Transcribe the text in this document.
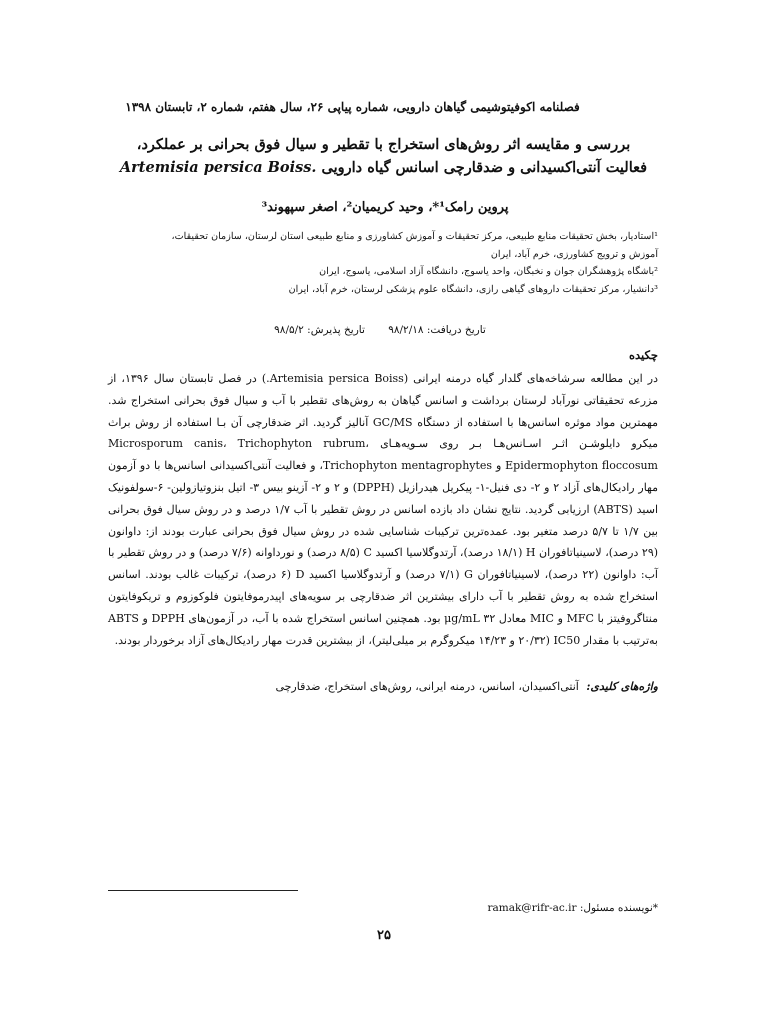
فصلنامه اکوفیتوشیمی گیاهان دارویی، شماره پیاپی ۲۶، سال هفتم، شماره ۲، تابستان ۱۳۹۸
بررسی و مقایسه اثر روش‌های استخراج با تقطیر و سیال فوق بحرانی بر عملکرد،
فعالیت آنتی‌اکسیدانی و ضدقارچی اسانس گیاه دارویی Artemisia persica Boiss.
پروین رامک¹*، وحید کریمیان²، اصغر سپهوند³
¹استادیار، بخش تحقیقات منابع طبیعی، مرکز تحقیقات و آموزش کشاورزی و منابع طبیعی استان لرستان، سازمان تحقیقات،
آموزش و ترویج کشاورزی، خرم آباد، ایران
²باشگاه پژوهشگران جوان و نخبگان، واحد یاسوج، دانشگاه آزاد اسلامی، یاسوج، ایران
³دانشیار، مرکز تحقیقات داروهای گیاهی رازی، دانشگاه علوم پزشکی لرستان، خرم آباد، ایران
تاریخ دریافت: ۹۸/۲/۱۸ تاریخ پذیرش: ۹۸/۵/۲
چکیده
در این مطالعه سرشاخه‌های گلدار گیاه درمنه ایرانی (Artemisia persica Boiss.) در فصل تابستان سال ۱۳۹۶، از مزرعه تحقیقاتی نورآباد لرستان برداشت و اسانس گیاهان به روش‌های تقطیر با آب و سیال فوق بحرانی استخراج شد. مهمترین مواد موثره اسانس‌ها با استفاده از دستگاه GC/MS آنالیز گردید. اثر ضدقارچی آن بـا استفاده از روش براث میکرو دایلوشـن اثـر اسـانس‌هـا بـر روی سـویه‌هـای Microsporum canis، Trichophyton rubrum، Epidermophyton floccosum و Trichophyton mentagrophytes، و فعالیت آنتی‌اکسیدانی اسانس‌ها با دو آزمون مهار رادیکال‌های آزاد ۲ و ۲- دی فنیل-۱- پیکریل هیدرازیل (DPPH) و ۲ و ۲- آزینو بیس ۳- اتیل بنزوتیازولین- ۶-سولفونیک اسید (ABTS) ارزیابی گردید. نتایج نشان داد بازده اسانس در روش تقطیر با آب ۱/۷ درصد و در روش سیال فوق بحرانی بین ۱/۷ تا ۵/۷ درصد متغیر بود. عمده‌ترین ترکیبات شناسایی شده در روش سیال فوق بحرانی عبارت بودند از: داوانون (۲۹ درصد)، لاسینیاتافوران H (۱۸/۱ درصد)، آرتدوگلاسیا اکسید C (۸/۵ درصد) و نورداوانه (۷/۶ درصد) و در روش تقطیر با آب: داوانون (۲۲ درصد)، لاسینیاتافوران G (۷/۱ درصد) و آرتدوگلاسیا اکسید D (۶ درصد)، ترکیبات غالب بودند. اسانس استخراج شده به روش تقطیر با آب دارای بیشترین اثر ضدقارچی بر سویه‌های اپیدرموفایتون فلوکوزوم و تریکوفایتون منتاگروفیتز با MFC و MIC معادل ۳۲ μg/mL بود. همچنین اسانس استخراج شده با آب، در آزمون‌های DPPH و ABTS به‌ترتیب با مقدار IC50 (۲۰/۳۲ و ۱۴/۲۳ میکروگرم بر میلی‌لیتر)، از بیشترین قدرت مهار رادیکال‌های آزاد برخوردار بودند.
واژه‌های کلیدی: آنتی‌اکسیدان، اسانس، درمنه ایرانی، روش‌های استخراج، ضدقارچی
*نویسنده مسئول: ramak@rifr-ac.ir
۲۵
